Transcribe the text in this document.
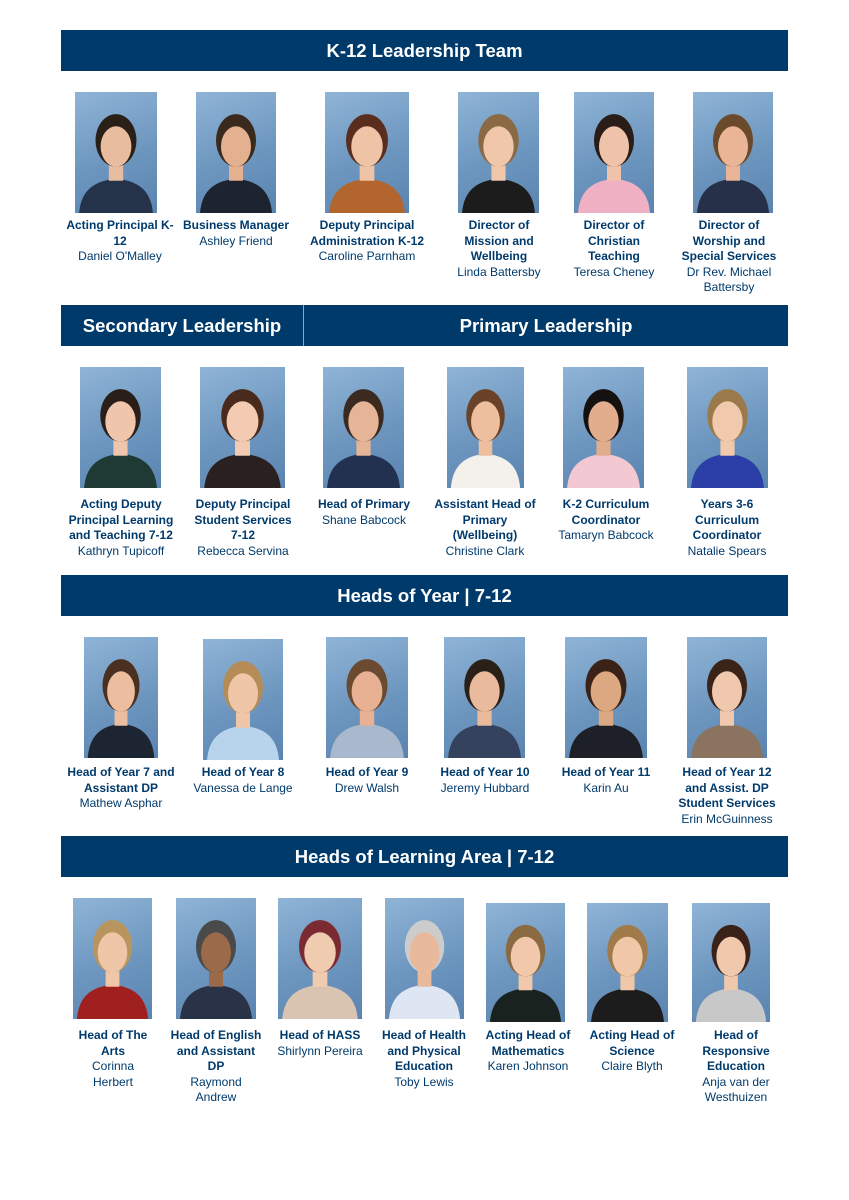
K-12 Leadership Team
Acting Principal K-12
Daniel O'Malley
Business Manager
Ashley Friend
Deputy Principal Administration K-12
Caroline Parnham
Director of Mission and Wellbeing
Linda Battersby
Director of Christian Teaching
Teresa Cheney
Director of Worship and Special Services
Dr Rev. Michael Battersby
Secondary Leadership	Primary Leadership
Acting Deputy Principal Learning and Teaching 7-12
Kathryn Tupicoff
Deputy Principal Student Services 7-12
Rebecca Servina
Head of Primary
Shane Babcock
Assistant Head of Primary (Wellbeing)
Christine Clark
K-2 Curriculum Coordinator
Tamaryn Babcock
Years 3-6 Curriculum Coordinator
Natalie Spears
Heads of Year | 7-12
Head of Year 7 and Assistant DP
Mathew Asphar
Head of Year 8
Vanessa de Lange
Head of Year 9
Drew Walsh
Head of Year 10
Jeremy Hubbard
Head of Year 11
Karin Au
Head of Year 12 and Assist. DP Student Services
Erin McGuinness
Heads of Learning Area | 7-12
Head of The Arts
Corinna Herbert
Head of English and Assistant DP
Raymond Andrew
Head of HASS
Shirlynn Pereira
Head of Health and Physical Education
Toby Lewis
Acting Head of Mathematics
Karen Johnson
Acting Head of Science
Claire Blyth
Head of Responsive Education
Anja van der Westhuizen
